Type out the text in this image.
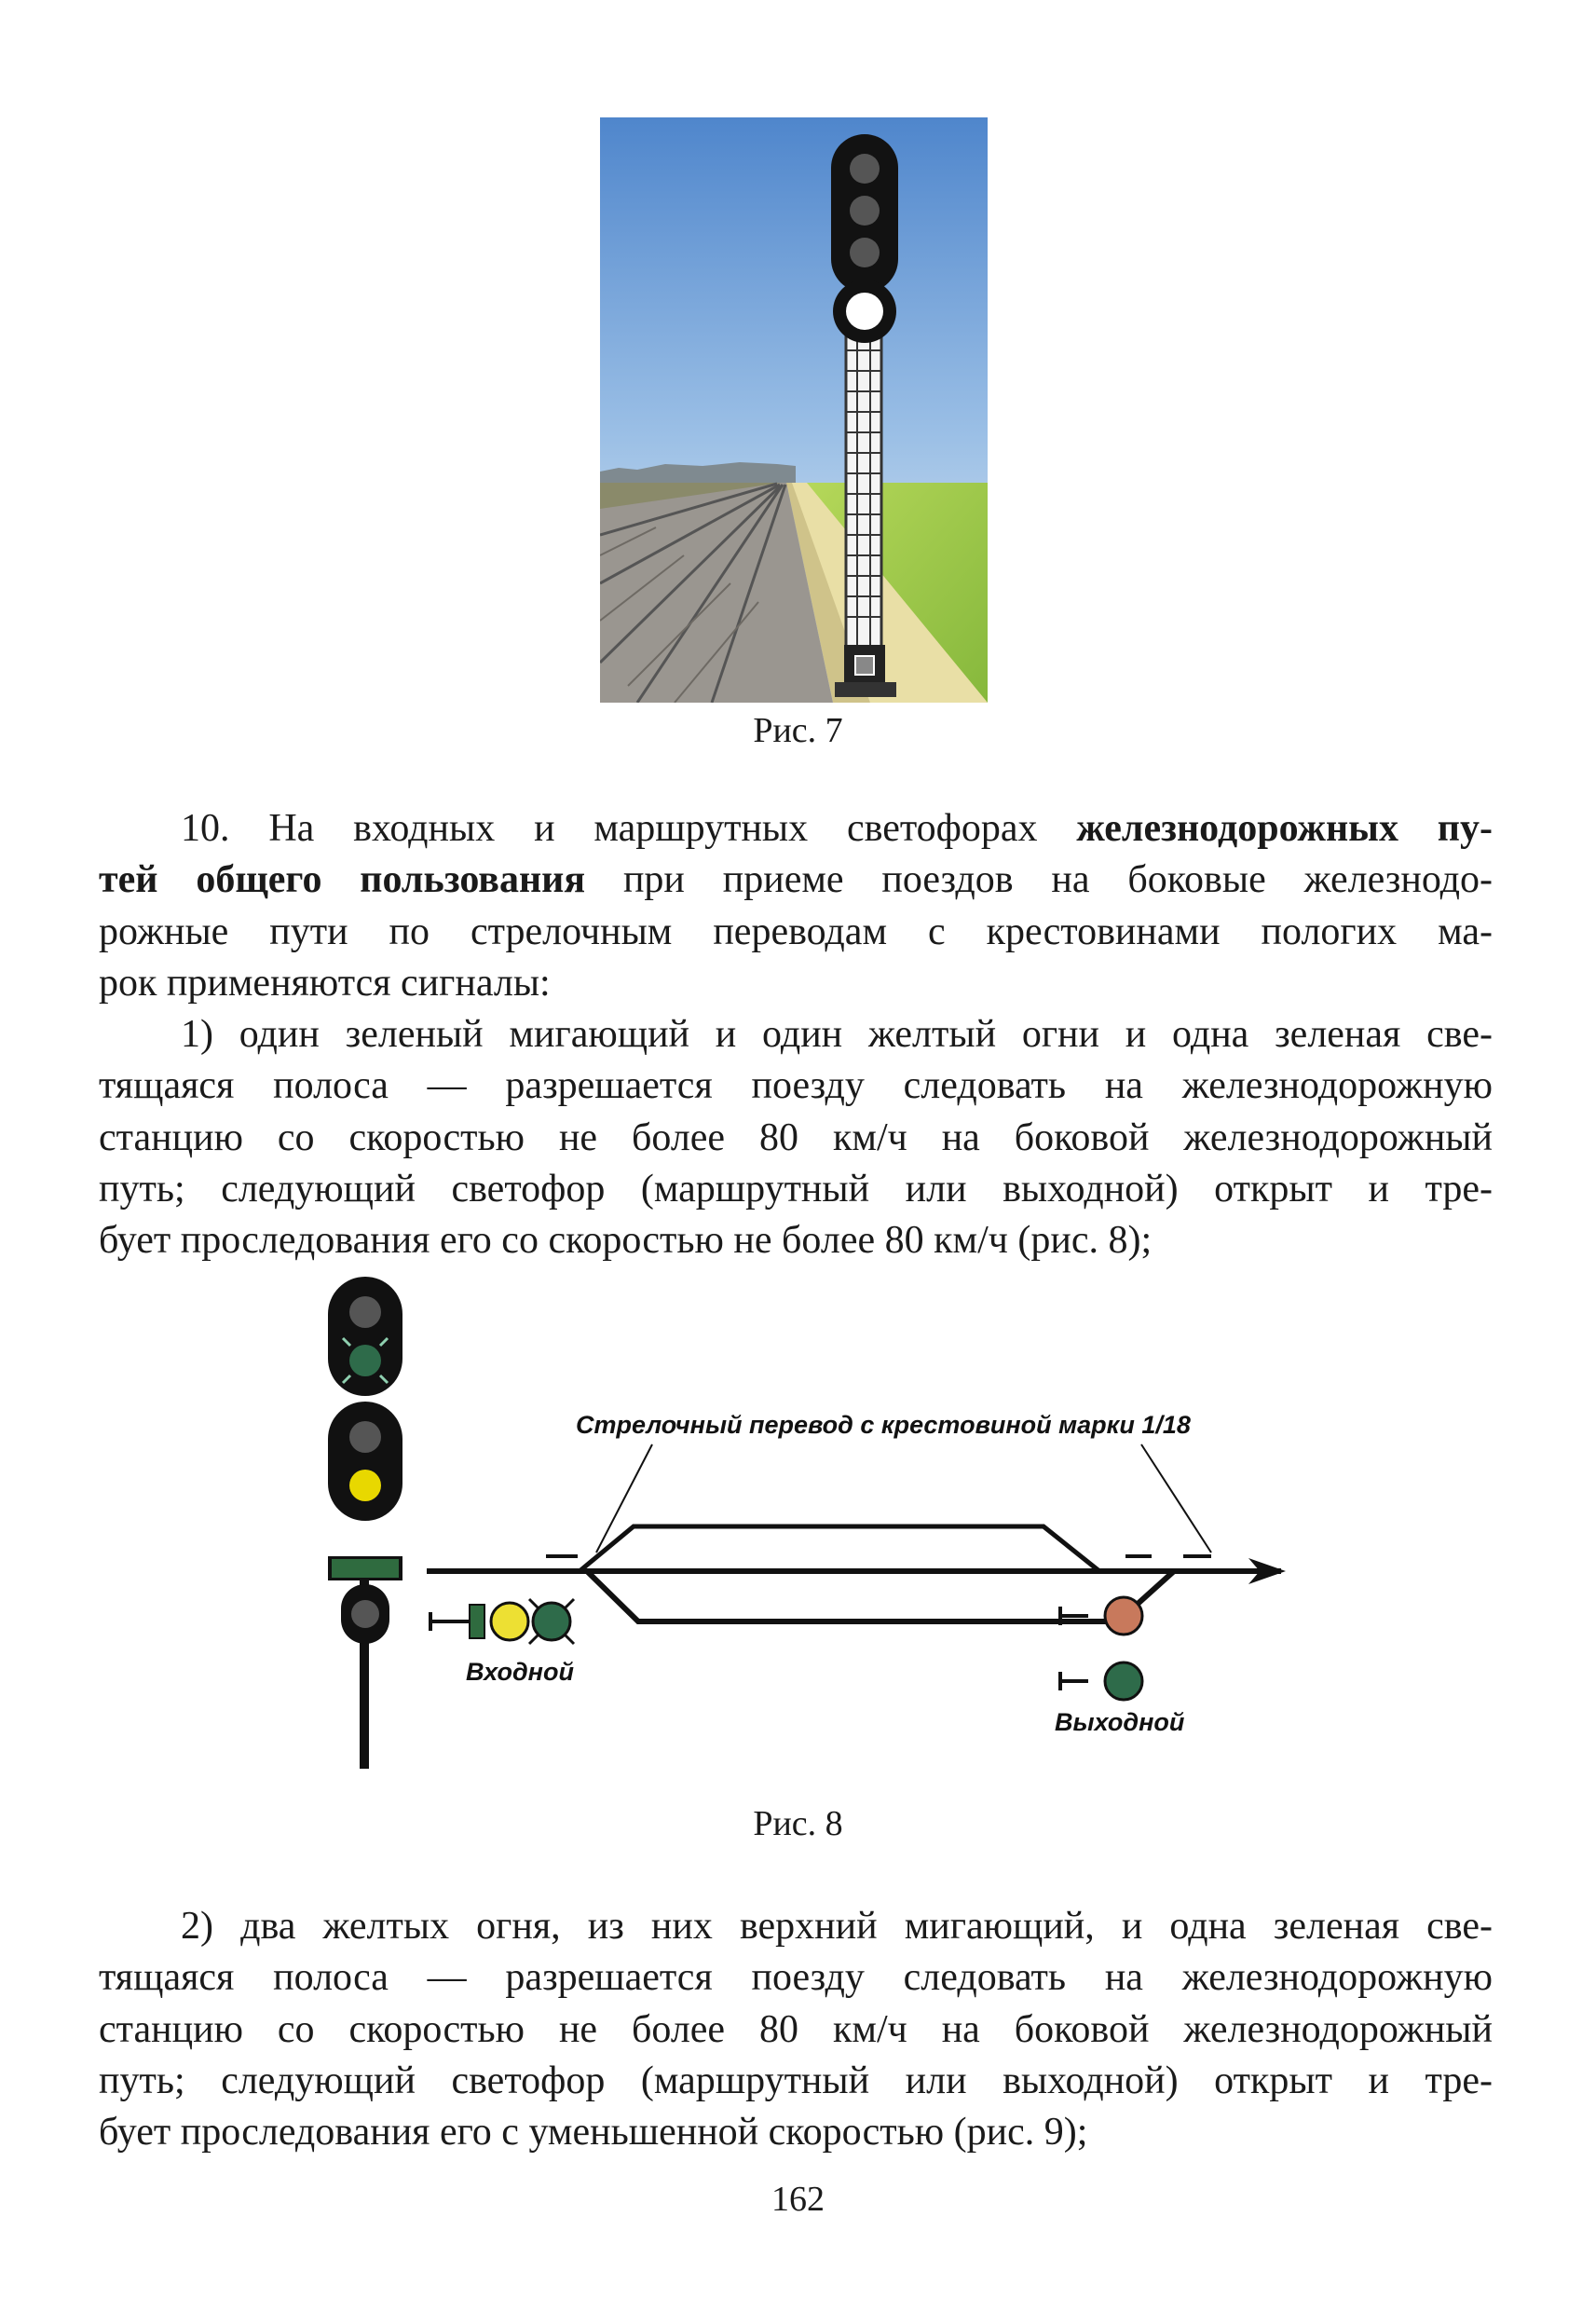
Рис. 7
10. На входных и маршрутных светофорах железнодорожных пу-
тей общего пользования при приеме поездов на боковые железнодо-
рожные пути по стрелочным переводам с крестовинами пологих ма-
рок применяются сигналы:
1) один зеленый мигающий и один желтый огни и одна зеленая све-
тящаяся полоса — разрешается поезду следовать на железнодорожную
станцию со скоростью не более 80 км/ч на боковой железнодорожный
путь; следующий светофор (маршрутный или выходной) открыт и тре-
бует проследования его со скоростью не более 80 км/ч (рис. 8);
Стрелочный перевод с крестовиной марки 1/18
Входной
Выходной
Рис. 8
2) два желтых огня, из них верхний мигающий, и одна зеленая све-
тящаяся полоса — разрешается поезду следовать на железнодорожную
станцию со скоростью не более 80 км/ч на боковой железнодорожный
путь; следующий светофор (маршрутный или выходной) открыт и тре-
бует проследования его с уменьшенной скоростью (рис. 9);
162
